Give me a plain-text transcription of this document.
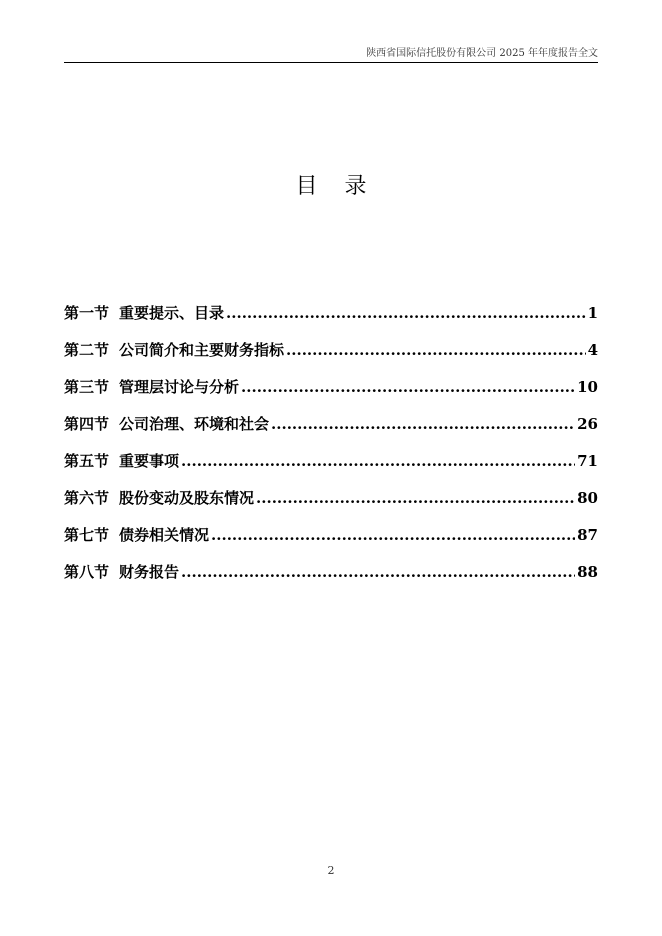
陕西省国际信托股份有限公司 2025 年年度报告全文
目 录
第一节 重要提示、目录 .....	1
第二节 公司简介和主要财务指标 .....	4
第三节 管理层讨论与分析 .....	10
第四节 公司治理、环境和社会 .....	26
第五节 重要事项 .....	71
第六节 股份变动及股东情况 .....	80
第七节 债券相关情况 .....	87
第八节 财务报告 .....	88
2
